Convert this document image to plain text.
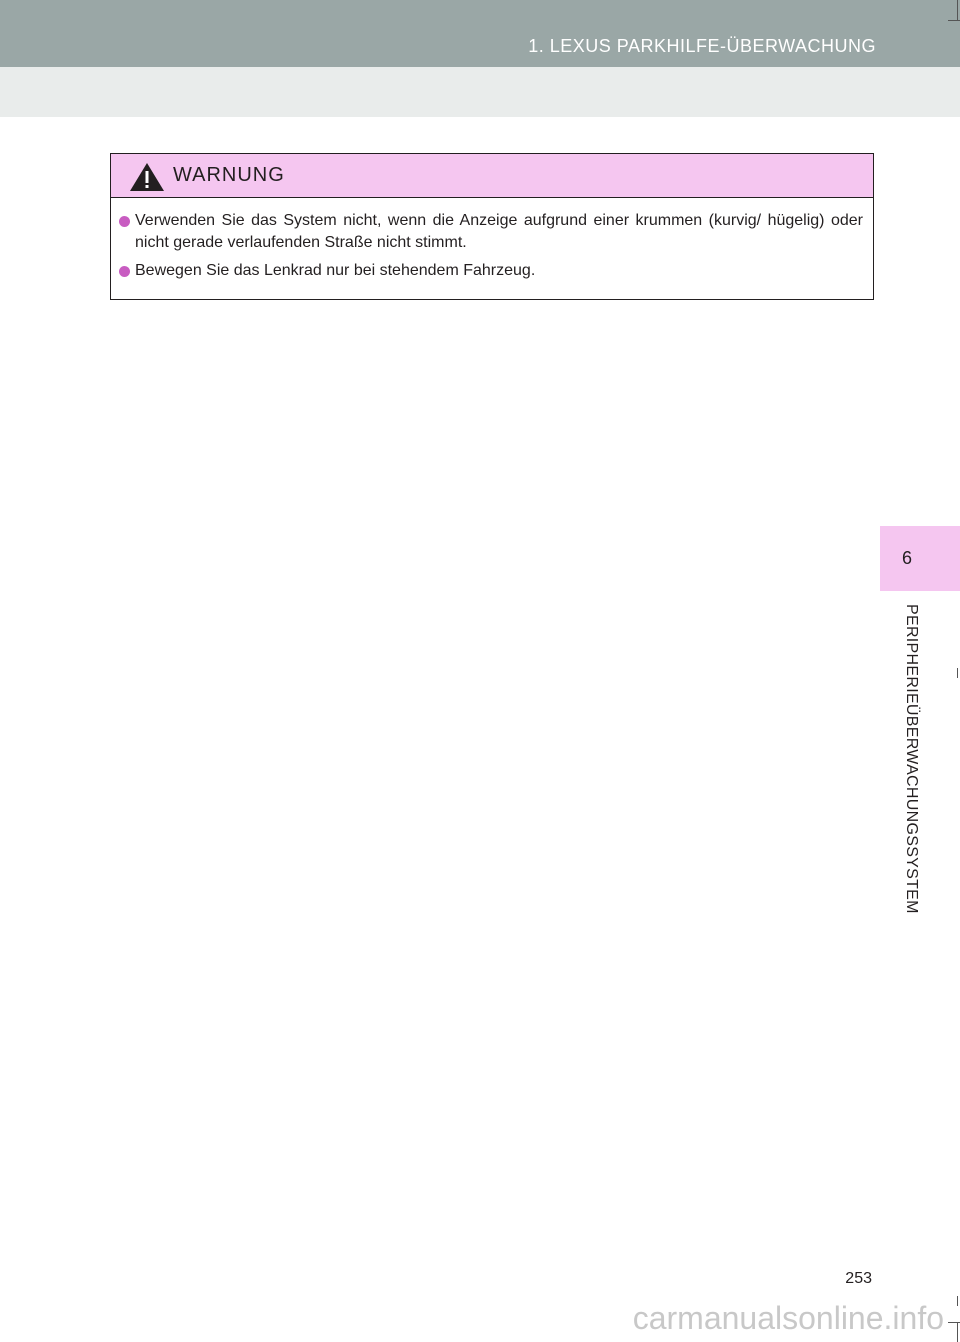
1. LEXUS PARKHILFE-ÜBERWACHUNG
WARNUNG
Verwenden Sie das System nicht, wenn die Anzeige aufgrund einer krummen (kurvig/ hügelig) oder nicht gerade verlaufenden Straße nicht stimmt.
Bewegen Sie das Lenkrad nur bei stehendem Fahrzeug.
6
PERIPHERIEÜBERWACHUNGSSYSTEM
253
carmanualsonline.info
